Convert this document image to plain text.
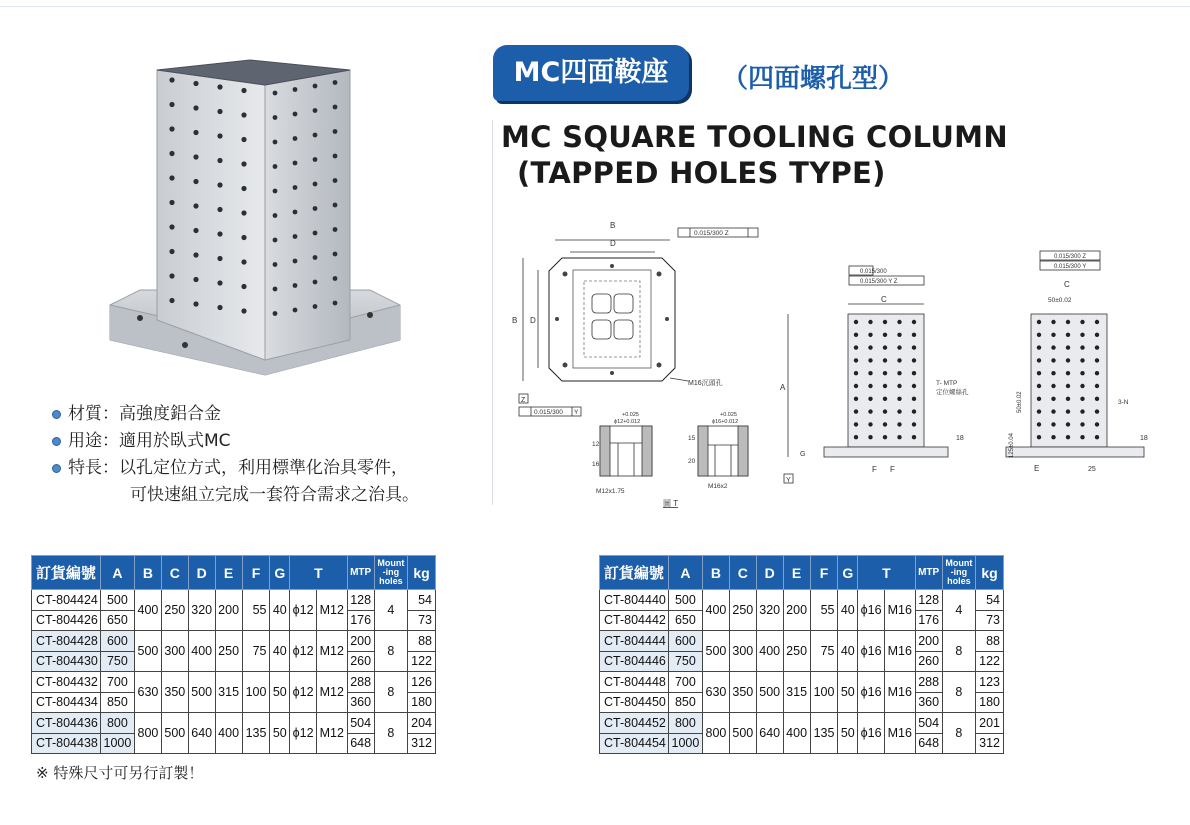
MC四面鞍座	（四面螺孔型）
MC SQUARE TOOLING COLUMN
(TAPPED HOLES TYPE)
材質：高強度鋁合金
用途：適用於臥式MC
特長：以孔定位方式，利用標準化治具零件，
可快速組立完成一套符合需求之治具。
0.015/300 Z
B
D
B D
M16沉頭孔
Z
0.015/300 Y
M12x1.75
12
16
+0.025
ϕ12+0.012
M16x2
15
20
+0.025
ϕ16+0.012
圖 T
0.015/300
0.015/300 Y Z
C
A	T- MTP
定位螺絲孔
G
F F
Y
18
0.015/300 Z
0.015/300 Y
C
50±0.02
3-N
E	25
125±0.04
50±0.02
18
訂貨編號	A	B	C	D	E	F	G	T		MTP	Mount
-ing
holes	kg
CT-804424	500	400	250	320	200	55	40	ϕ12	M12	128	4	54
CT-804426	650									176		73
CT-804428	600	500	300	400	250	75	40	ϕ12	M12	200	8	88
CT-804430	750									260		122
CT-804432	700	630	350	500	315	100	50	ϕ12	M12	288	8	126
CT-804434	850									360		180
CT-804436	800	800	500	640	400	135	50	ϕ12	M12	504	8	204
CT-804438	1000									648		312
訂貨編號	A	B	C	D	E	F	G	T		MTP	Mount
-ing
holes	kg
CT-804440	500	400	250	320	200	55	40	ϕ16	M16	128	4	54
CT-804442	650									176		73
CT-804444	600	500	300	400	250	75	40	ϕ16	M16	200	8	88
CT-804446	750									260		122
CT-804448	700	630	350	500	315	100	50	ϕ16	M16	288	8	123
CT-804450	850									360		180
CT-804452	800	800	500	640	400	135	50	ϕ16	M16	504	8	201
CT-804454	1000									648		312
※ 特殊尺寸可另行訂製！
